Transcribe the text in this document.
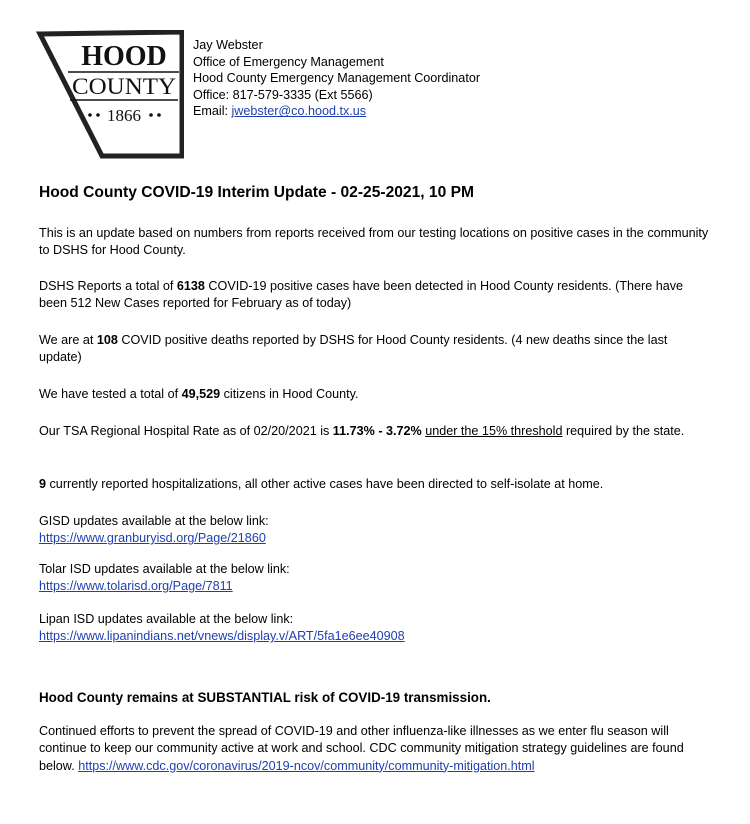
HOOD
COUNTY
1866
Jay Webster
Office of Emergency Management
Hood County Emergency Management Coordinator
Office: 817-579-3335 (Ext 5566)
Email: jwebster@co.hood.tx.us
Hood County COVID-19 Interim Update - 02-25-2021, 10 PM
This is an update based on numbers from reports received from our testing locations on positive cases in the community to DSHS for Hood County.
DSHS Reports a total of 6138 COVID-19 positive cases have been detected in Hood County residents. (There have been 512 New Cases reported for February as of today)
We are at 108 COVID positive deaths reported by DSHS for Hood County residents. (4 new deaths since the last update)
We have tested a total of 49,529 citizens in Hood County.
Our TSA Regional Hospital Rate as of 02/20/2021 is 11.73% - 3.72% under the 15% threshold required by the state.
9 currently reported hospitalizations, all other active cases have been directed to self-isolate at home.
GISD updates available at the below link:
https://www.granburyisd.org/Page/21860
Tolar ISD updates available at the below link:
https://www.tolarisd.org/Page/7811
Lipan ISD updates available at the below link:
https://www.lipanindians.net/vnews/display.v/ART/5fa1e6ee40908
Hood County remains at SUBSTANTIAL risk of COVID-19 transmission.
Continued efforts to prevent the spread of COVID-19 and other influenza-like illnesses as we enter flu season will continue to keep our community active at work and school. CDC community mitigation strategy guidelines are found below. https://www.cdc.gov/coronavirus/2019-ncov/community/community-mitigation.html
